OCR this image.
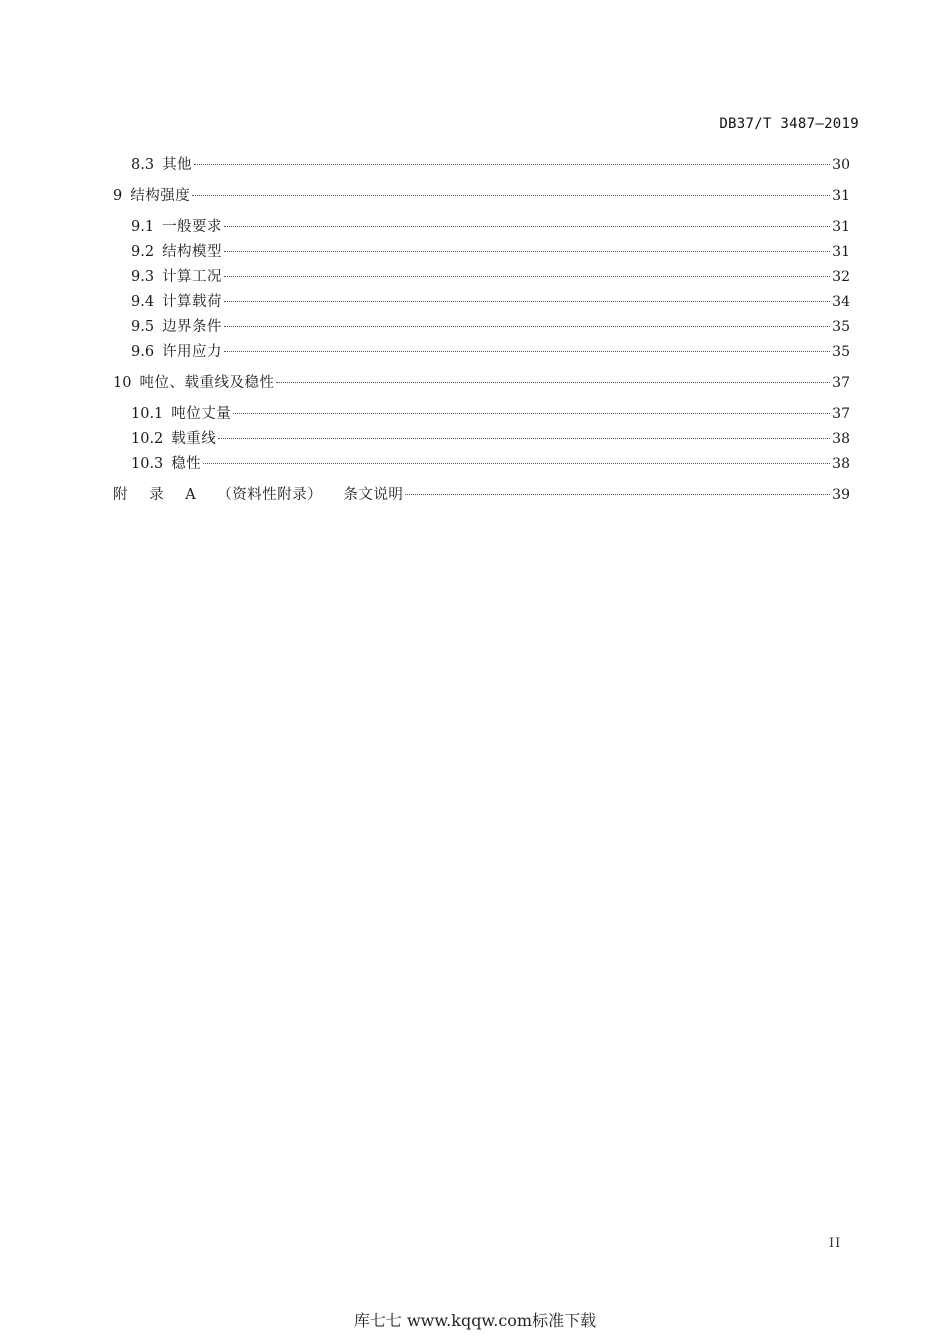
DB37/T 3487—2019
8.3 其他	30
9 结构强度	31
9.1 一般要求	31
9.2 结构模型	31
9.3 计算工况	32
9.4 计算载荷	34
9.5 边界条件	35
9.6 许用应力	35
10 吨位、载重线及稳性	37
10.1 吨位丈量	37
10.2 载重线	38
10.3 稳性	38
附 录 A （资料性附录） 条文说明	39
II
库七七 www.kqqw.com标准下载
